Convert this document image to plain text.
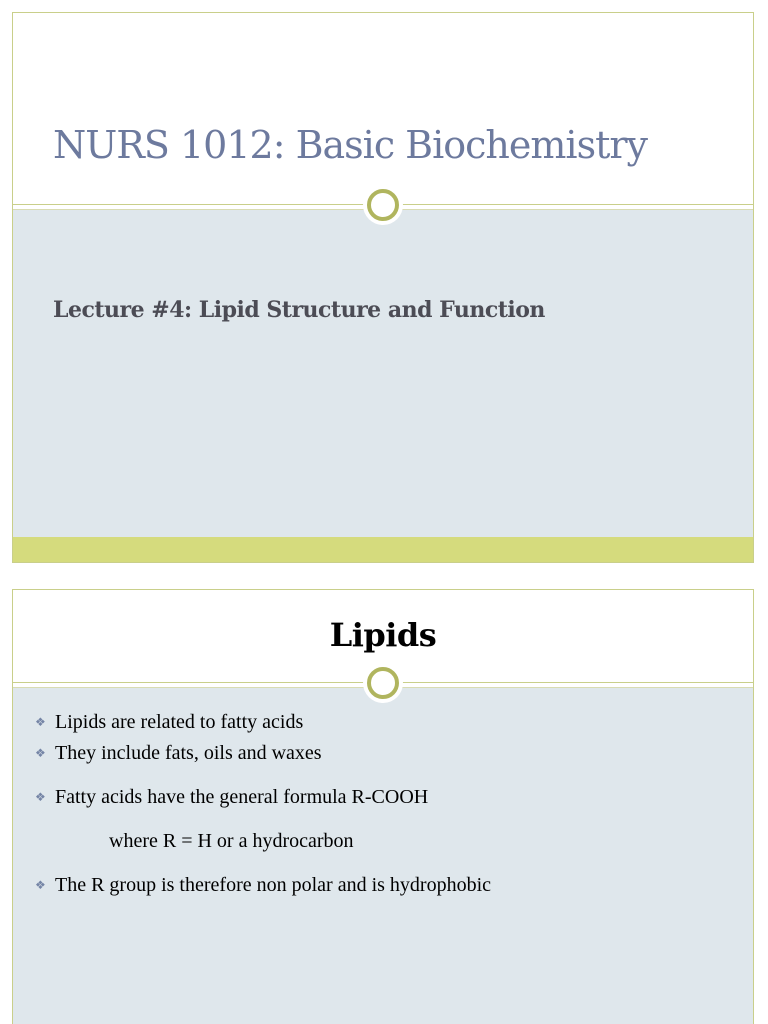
NURS 1012: Basic Biochemistry
Lecture #4: Lipid Structure and Function
Lipids
❖ Lipids are related to fatty acids
❖ They include fats, oils and waxes
❖ Fatty acids have the general formula R-COOH
where R = H or a hydrocarbon
❖ The R group is therefore non polar and is hydrophobic
